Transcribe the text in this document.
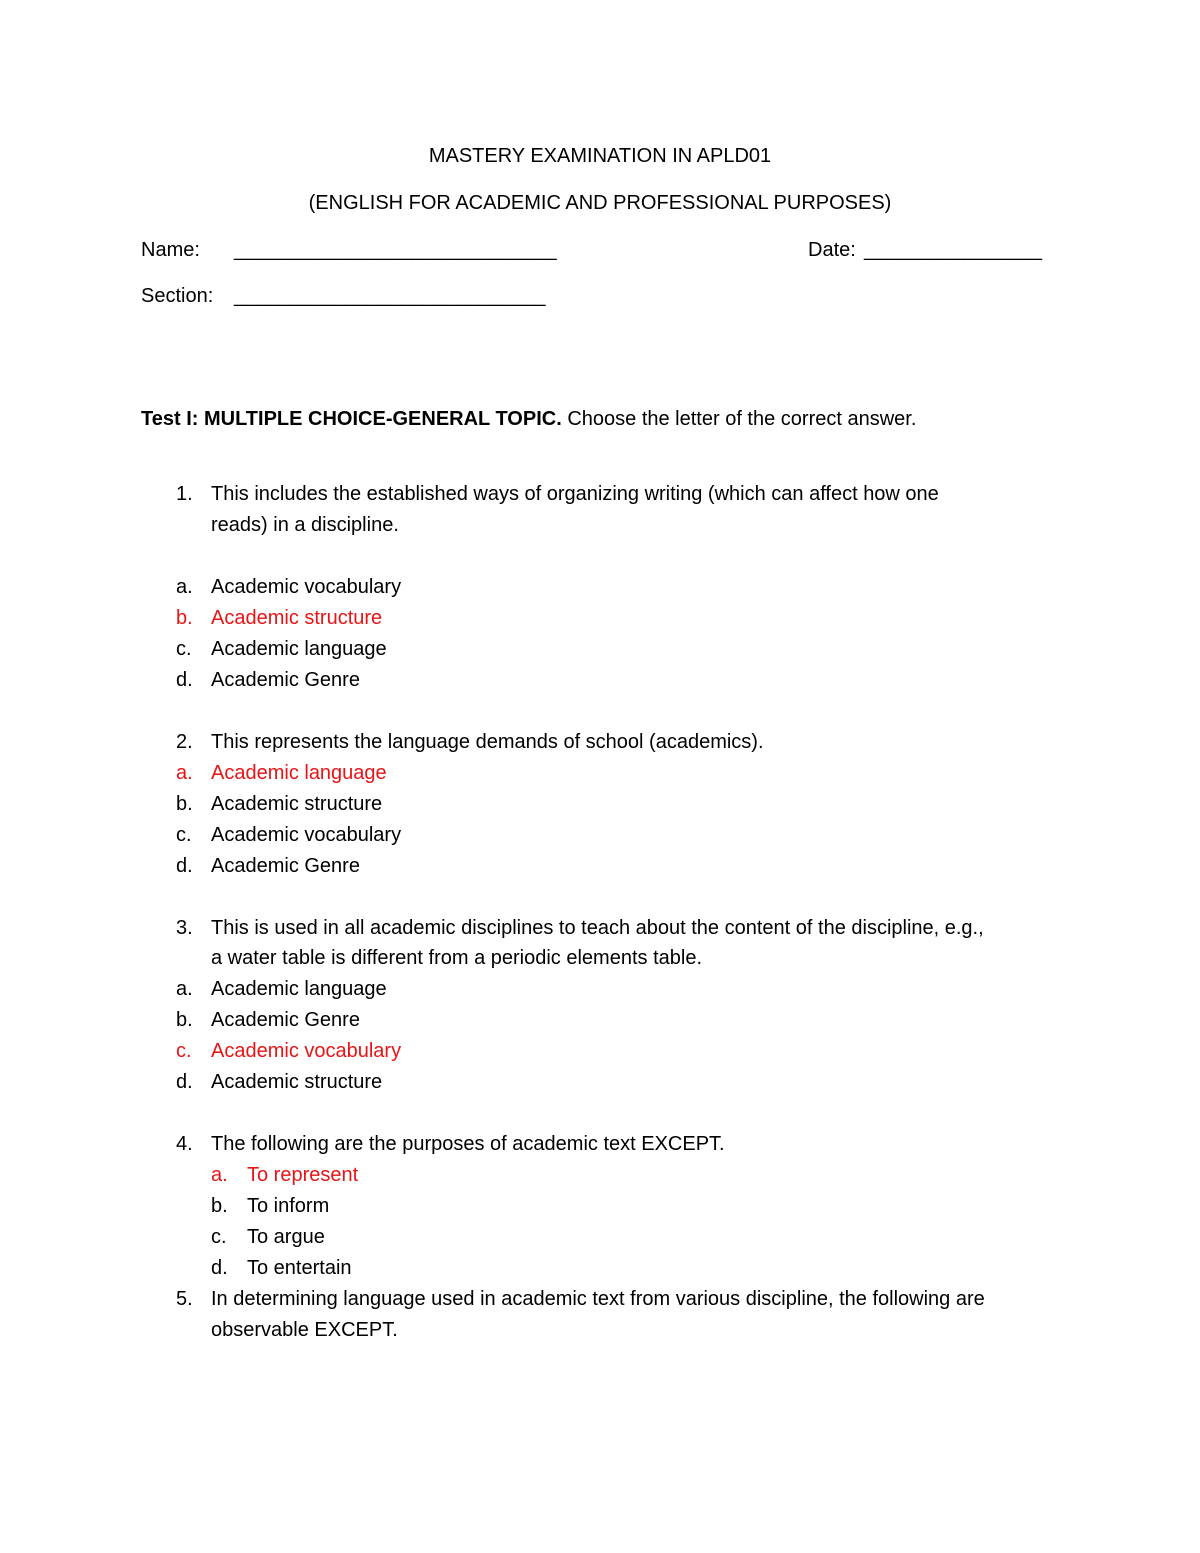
MASTERY EXAMINATION IN APLD01
(ENGLISH FOR ACADEMIC AND PROFESSIONAL PURPOSES)
Name: _____________________________	Date: ________________
Section: ____________________________
Test I: MULTIPLE CHOICE-GENERAL TOPIC. Choose the letter of the correct answer.
1. This includes the established ways of organizing writing (which can affect how one
reads) in a discipline.
a. Academic vocabulary
b. Academic structure
c. Academic language
d. Academic Genre
2. This represents the language demands of school (academics).
a. Academic language
b. Academic structure
c. Academic vocabulary
d. Academic Genre
3. This is used in all academic disciplines to teach about the content of the discipline, e.g.,
a water table is different from a periodic elements table.
a. Academic language
b. Academic Genre
c. Academic vocabulary
d. Academic structure
4. The following are the purposes of academic text EXCEPT.
a. To represent
b. To inform
c. To argue
d. To entertain
5. In determining language used in academic text from various discipline, the following are
observable EXCEPT.
